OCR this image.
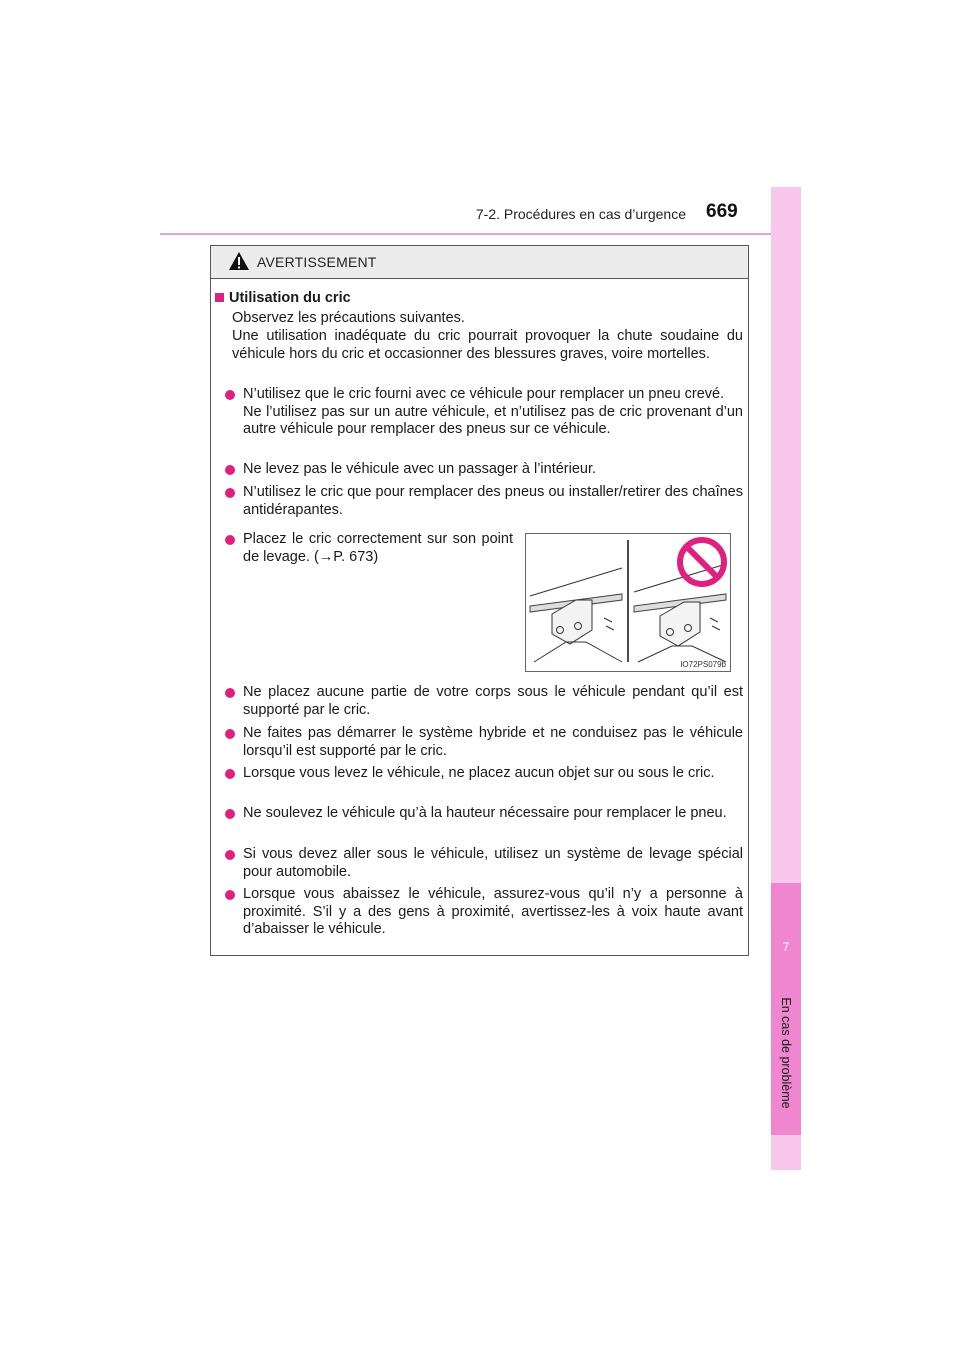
7-2. Procédures en cas d’urgence 669
7
En cas de problème
AVERTISSEMENT
Utilisation du cric
Observez les précautions suivantes.
Une utilisation inadéquate du cric pourrait provoquer la chute soudaine du véhicule hors du cric et occasionner des blessures graves, voire mortelles.
N’utilisez que le cric fourni avec ce véhicule pour remplacer un pneu crevé.
Ne l’utilisez pas sur un autre véhicule, et n’utilisez pas de cric provenant d’un autre véhicule pour remplacer des pneus sur ce véhicule.
Ne levez pas le véhicule avec un passager à l’intérieur.
N’utilisez le cric que pour remplacer des pneus ou installer/retirer des chaînes antidérapantes.
Placez le cric correctement sur son point de levage. (→P. 673)
IO72PS079b
Ne placez aucune partie de votre corps sous le véhicule pendant qu’il est supporté par le cric.
Ne faites pas démarrer le système hybride et ne conduisez pas le véhicule lorsqu’il est supporté par le cric.
Lorsque vous levez le véhicule, ne placez aucun objet sur ou sous le cric.
Ne soulevez le véhicule qu’à la hauteur nécessaire pour remplacer le pneu.
Si vous devez aller sous le véhicule, utilisez un système de levage spécial pour automobile.
Lorsque vous abaissez le véhicule, assurez-vous qu’il n’y a personne à proximité. S’il y a des gens à proximité, avertissez-les à voix haute avant d’abaisser le véhicule.
